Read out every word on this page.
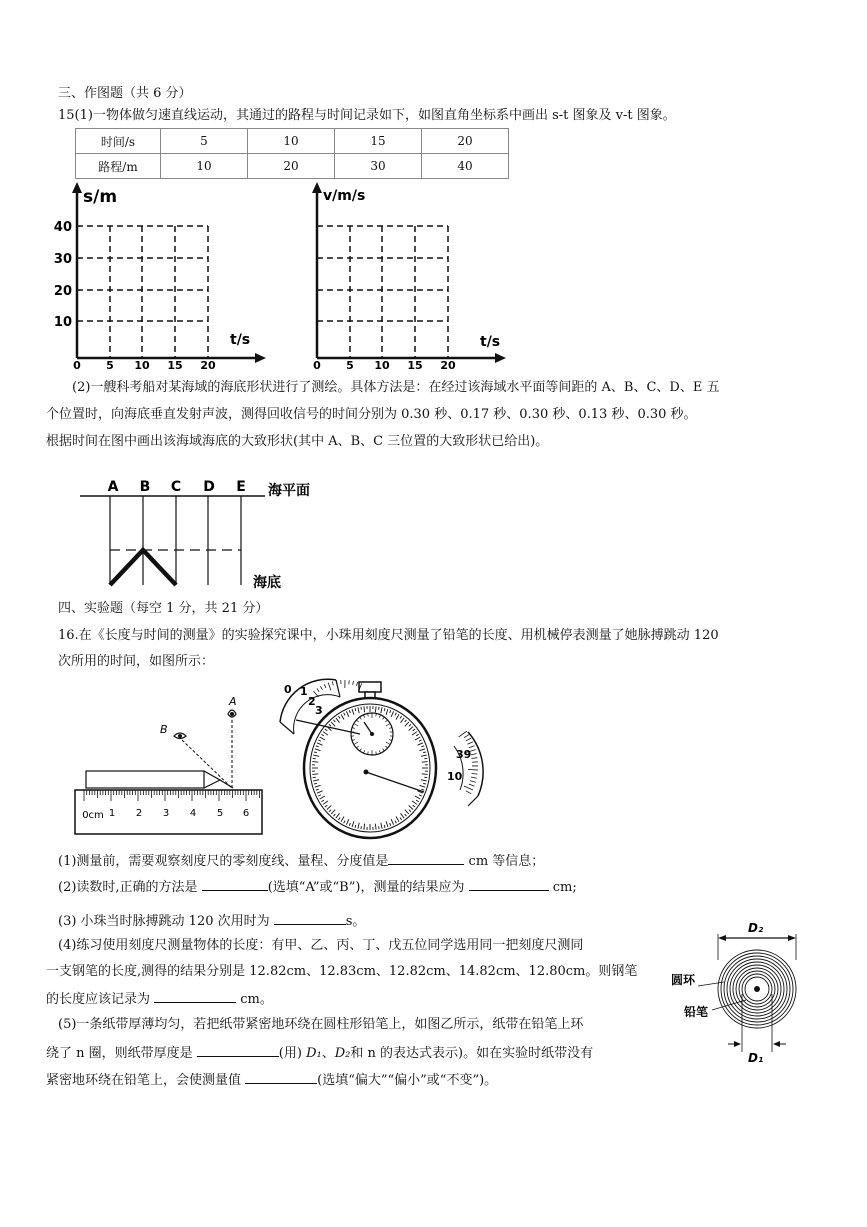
三、作图题（共 6 分）
15(1)一物体做匀速直线运动，其通过的路程与时间记录如下，如图直角坐标系中画出 s-t 图象及 v-t 图象。
时间/s	5	10	15	20
路程/m	10	20	30	40
s/m
t/s
40
30
20
10
0 5 10 15 20
v/m/s
t/s
0 5 10 15 20
(2)一艘科考船对某海域的海底形状进行了测绘。具体方法是：在经过该海域水平面等间距的 A、B、C、D、E 五
个位置时，向海底垂直发射声波，测得回收信号的时间分别为 0.30 秒、0.17 秒、0.30 秒、0.13 秒、0.30 秒。
根据时间在图中画出该海域海底的大致形状(其中 A、B、C 三位置的大致形状已给出)。
A B C D E 海平面
海底
四、实验题（每空 1 分，共 21 分）
16.在《长度与时间的测量》的实验探究课中，小珠用刻度尺测量了铅笔的长度、用机械停表测量了她脉搏跳动 120
次所用的时间，如图所示：
A
B
0cm 1 2 3 4 5 6
0 1
2
3
39
10
(1)测量前，需要观察刻度尺的零刻度线、量程、分度值是	cm 等信息；
(2)读数时,正确的方法是	(选填“A”或“B”)，测量的结果应为	cm;
(3) 小珠当时脉搏跳动 120 次用时为	s。
(4)练习使用刻度尺测量物体的长度：有甲、乙、丙、丁、戊五位同学选用同一把刻度尺测同
一支钢笔的长度,测得的结果分别是 12.82cm、12.83cm、12.82cm、14.82cm、12.80cm。则钢笔
的长度应该记录为	cm。
(5)一条纸带厚薄均匀，若把纸带紧密地环绕在圆柱形铅笔上，如图乙所示，纸带在铅笔上环
绕了 n 圈，则纸带厚度是	(用) D₁、D₂和 n 的表达式表示)。如在实验时纸带没有
紧密地环绕在铅笔上，会使测量值	(选填“偏大”“偏小”或“不变”)。
D₂
圆环
铅笔
D₁
